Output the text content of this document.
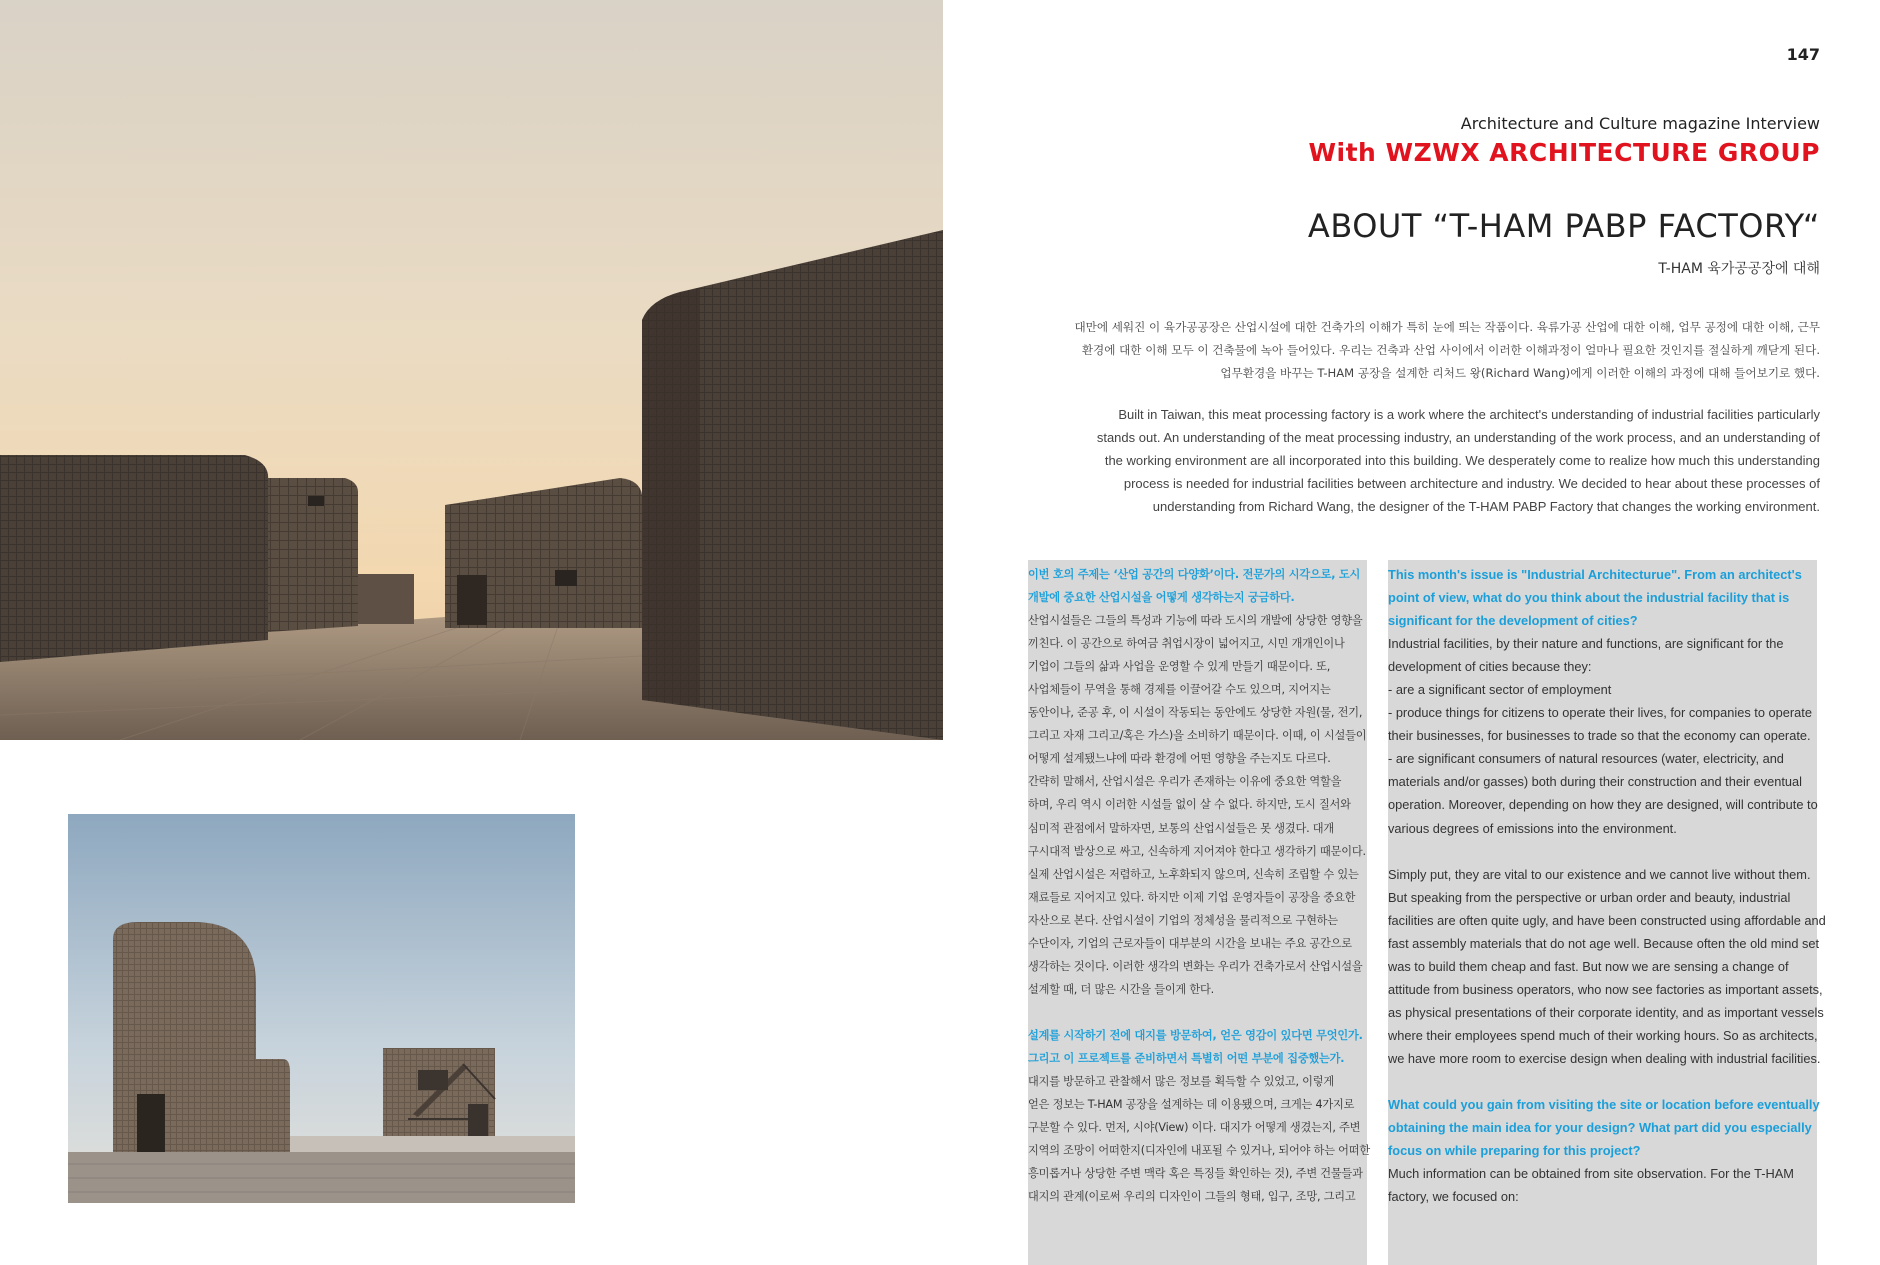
147
Architecture and Culture magazine Interview
With WZWX ARCHITECTURE GROUP
ABOUT “T-HAM PABP FACTORY“
T-HAM 육가공공장에 대해
대만에 세워진 이 육가공공장은 산업시설에 대한 건축가의 이해가 특히 눈에 띄는 작품이다. 육류가공 산업에 대한 이해, 업무 공정에 대한 이해, 근무
환경에 대한 이해 모두 이 건축물에 녹아 들어있다. 우리는 건축과 산업 사이에서 이러한 이해과정이 얼마나 필요한 것인지를 절실하게 깨닫게 된다.
업무환경을 바꾸는 T-HAM 공장을 설계한 리처드 왕(Richard Wang)에게 이러한 이해의 과정에 대해 들어보기로 했다.
Built in Taiwan, this meat processing factory is a work where the architect's understanding of industrial facilities particularly
stands out. An understanding of the meat processing industry, an understanding of the work process, and an understanding of
the working environment are all incorporated into this building. We desperately come to realize how much this understanding
process is needed for industrial facilities between architecture and industry. We decided to hear about these processes of
understanding from Richard Wang, the designer of the T-HAM PABP Factory that changes the working environment.

이번 호의 주제는 ‘산업 공간의 다양화’이다. 전문가의 시각으로, 도시

개발에 중요한 산업시설을 어떻게 생각하는지 궁금하다.

산업시설들은 그들의 특성과 기능에 따라 도시의 개발에 상당한 영향을

끼친다. 이 공간으로 하여금 취업시장이 넓어지고, 시민 개개인이나

기업이 그들의 삶과 사업을 운영할 수 있게 만들기 때문이다. 또,

사업체들이 무역을 통해 경제를 이끌어갈 수도 있으며, 지어지는

동안이나, 준공 후, 이 시설이 작동되는 동안에도 상당한 자원(물, 전기,

그리고 자재 그리고/혹은 가스)을 소비하기 때문이다. 이때, 이 시설들이

어떻게 설계됐느냐에 따라 환경에 어떤 영향을 주는지도 다르다.

간략히 말해서, 산업시설은 우리가 존재하는 이유에 중요한 역할을

하며, 우리 역시 이러한 시설들 없이 살 수 없다. 하지만, 도시 질서와

심미적 관점에서 말하자면, 보통의 산업시설들은 못 생겼다. 대개

구시대적 발상으로 싸고, 신속하게 지어져야 한다고 생각하기 때문이다.

실제 산업시설은 저렴하고, 노후화되지 않으며, 신속히 조립할 수 있는

재료들로 지어지고 있다. 하지만 이제 기업 운영자들이 공장을 중요한

자산으로 본다. 산업시설이 기업의 정체성을 물리적으로 구현하는

수단이자, 기업의 근로자들이 대부분의 시간을 보내는 주요 공간으로

생각하는 것이다. 이러한 생각의 변화는 우리가 건축가로서 산업시설을

설계할 때, 더 많은 시간을 들이게 한다.

설계를 시작하기 전에 대지를 방문하여, 얻은 영감이 있다면 무엇인가.

그리고 이 프로젝트를 준비하면서 특별히 어떤 부분에 집중했는가.

대지를 방문하고 관찰해서 많은 정보를 획득할 수 있었고, 이렇게

얻은 정보는 T-HAM 공장을 설계하는 데 이용됐으며, 크게는 4가지로

구분할 수 있다. 먼저, 시야(View) 이다. 대지가 어떻게 생겼는지, 주변

지역의 조망이 어떠한지(디자인에 내포될 수 있거나, 되어야 하는 어떠한

흥미롭거나 상당한 주변 맥락 혹은 특징들 확인하는 것), 주변 건물들과

대지의 관계(이로써 우리의 디자인이 그들의 형태, 입구, 조망, 그리고

This month's issue is "Industrial Architecturue". From an architect's

point of view, what do you think about the industrial facility that is

significant for the development of cities?

Industrial facilities, by their nature and functions, are significant for the

development of cities because they:

- are a significant sector of employment

- produce things for citizens to operate their lives, for companies to operate

their businesses, for businesses to trade so that the economy can operate.

- are significant consumers of natural resources (water, electricity, and

materials and/or gasses) both during their construction and their eventual

operation. Moreover, depending on how they are designed, will contribute to

various degrees of emissions into the environment.

Simply put, they are vital to our existence and we cannot live without them.

But speaking from the perspective or urban order and beauty, industrial

facilities are often quite ugly, and have been constructed using affordable and

fast assembly materials that do not age well. Because often the old mind set

was to build them cheap and fast. But now we are sensing a change of

attitude from business operators, who now see factories as important assets,

as physical presentations of their corporate identity, and as important vessels

where their employees spend much of their working hours. So as architects,

we have more room to exercise design when dealing with industrial facilities.

What could you gain from visiting the site or location before eventually

obtaining the main idea for your design? What part did you especially

focus on while preparing for this project?

Much information can be obtained from site observation. For the T-HAM

factory, we focused on:
